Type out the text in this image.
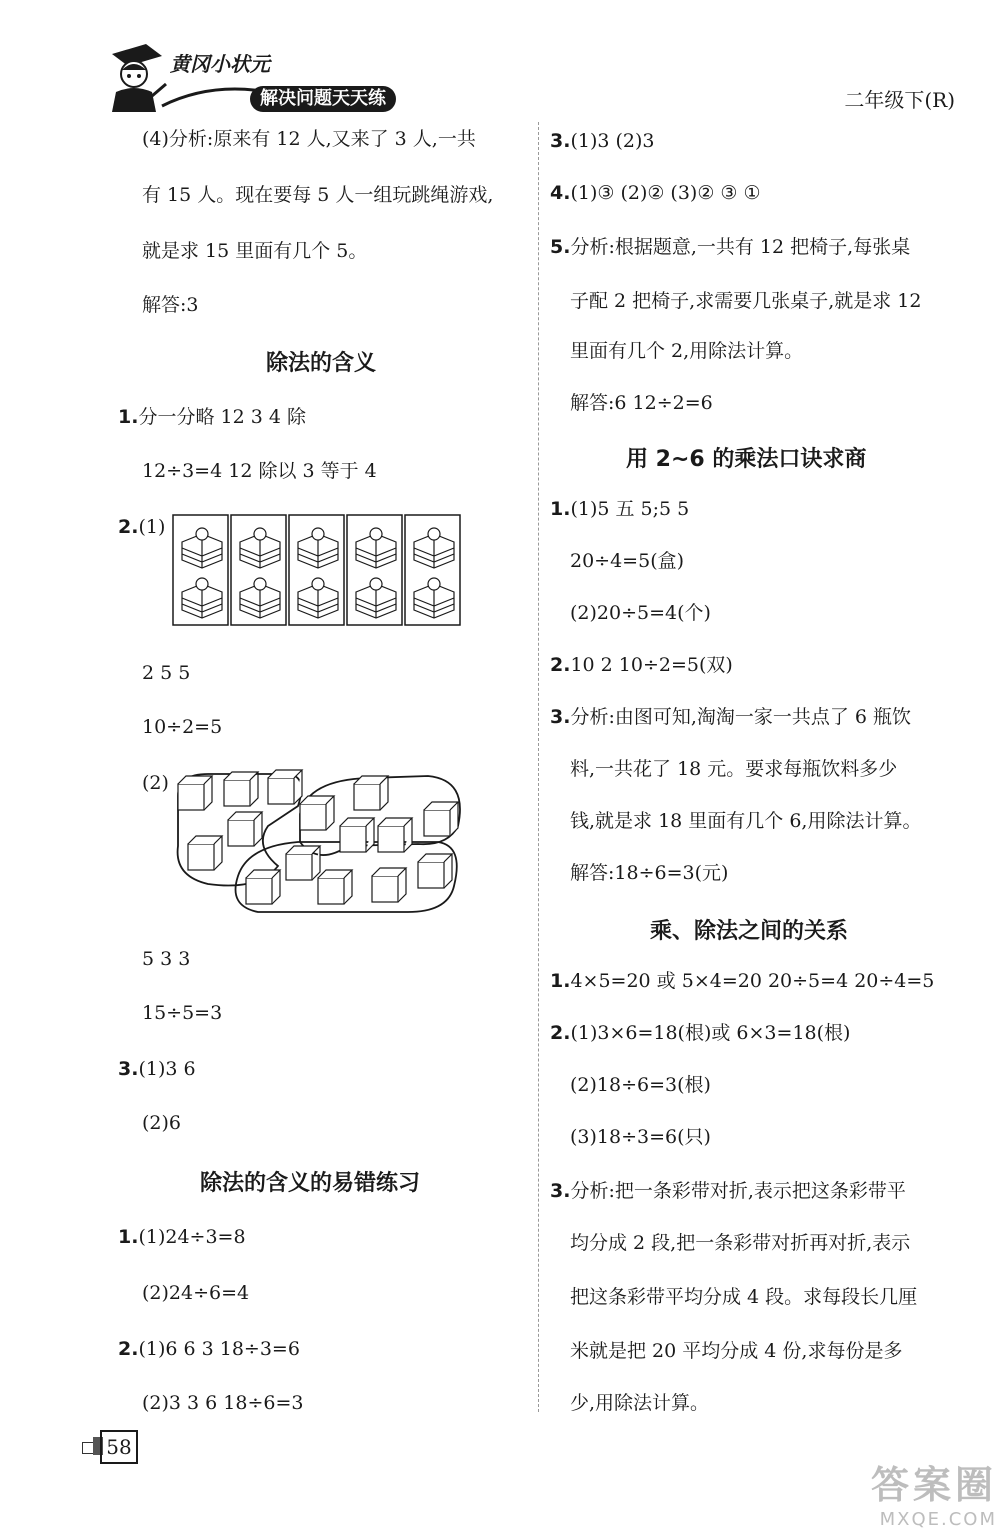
黄冈小状元
解决问题天天练	二年级下(R)
(4)分析:原来有 12 人,又来了 3 人,一共
有 15 人。现在要每 5 人一组玩跳绳游戏,
就是求 15 里面有几个 5。
解答:3
除法的含义
1.分一分略 12 3 4 除
12÷3=4 12 除以 3 等于 4
2.(1)
2 5 5
10÷2=5
(2)
5 3 3
15÷5=3
3.(1)3 6
(2)6
除法的含义的易错练习
1.(1)24÷3=8
(2)24÷6=4
2.(1)6 6 3 18÷3=6
(2)3 3 6 18÷6=3
3.(1)3 (2)3
4.(1)③ (2)② (3)② ③ ①
5.分析:根据题意,一共有 12 把椅子,每张桌
子配 2 把椅子,求需要几张桌子,就是求 12
里面有几个 2,用除法计算。
解答:6 12÷2=6
用 2~6 的乘法口诀求商
1.(1)5 五 5;5 5
20÷4=5(盒)
(2)20÷5=4(个)
2.10 2 10÷2=5(双)
3.分析:由图可知,淘淘一家一共点了 6 瓶饮
料,一共花了 18 元。要求每瓶饮料多少
钱,就是求 18 里面有几个 6,用除法计算。
解答:18÷6=3(元)
乘、除法之间的关系
1.4×5=20 或 5×4=20 20÷5=4 20÷4=5
2.(1)3×6=18(根)或 6×3=18(根)
(2)18÷6=3(根)
(3)18÷3=6(只)
3.分析:把一条彩带对折,表示把这条彩带平
均分成 2 段,把一条彩带对折再对折,表示
把这条彩带平均分成 4 段。求每段长几厘
米就是把 20 平均分成 4 份,求每份是多
少,用除法计算。
58
答案圈
MXQE.COM
